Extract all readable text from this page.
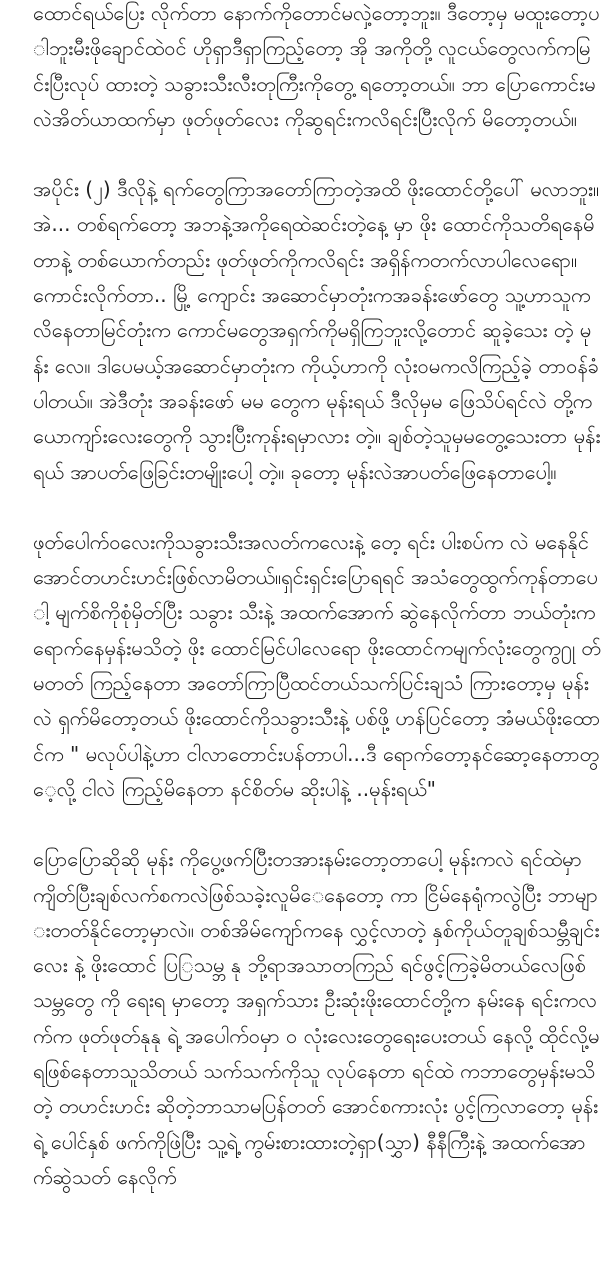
ထောင်ရယ်ပြေး လိုက်တာ နောက်ကိုတောင်မလှဲ့တော့ဘူး။ ဒီတော့မှ မထူးတော့ပါဘူးမီးဖိုချောင်ထဲဝင် ဟိုရှာဒီရှာကြည့်တော့ အို အကိုတို့ လူငယ်တွေလက်ကမြင်းပြီးလုပ် ထားတဲ့ သခွားသီးလီးတုကြီးကိုတွေ့ ရတော့တယ်။ ဘာ ပြောကောင်းမလဲအိတ်ယာထက်မှာ ဖုတ်ဖုတ်လေး ကိုဆွရင်းကလိရင်းပြီးလိုက် မိတော့တယ်။

အပိုင်း (၂) ဒီလိုနဲ့ ရက်တွေကြာအတော်ကြာတဲ့အထိ ဖိုးထောင်တို့ပေါ် မလာဘူး။ အဲ... တစ်ရက်တော့ အဘနဲ့အကိုရေထဲဆင်းတဲ့နေ့ မှာ ဖိုး ထောင်ကိုသတိရနေမိတာနဲ့ တစ်ယောက်တည်း ဖုတ်ဖုတ်ကိုကလိရင်း အရှိန်ကတက်လာပါလေရော။ ကောင်းလိုက်တာ.. မြို့ ကျောင်း အဆောင်မှာတုံးကအခန်းဖော်တွေ သူ့ဟာသူကလိနေတာမြင်တုံးက ကောင်မတွေအရှက်ကိုမရှိကြဘူးလို့တောင် ဆူခဲ့သေး တဲ့ မုန်း လေ။ ဒါပေမယ့်အဆောင်မှာတုံးက ကိုယ့်ဟာကို လုံးဝမကလိကြည့်ခဲ့ တာဝန်ခံပါတယ်။ အဲဒီတုံး အခန်းဖော် မမ တွေက မုန်းရယ် ဒီလိုမှမ ဖြေသိပ်ရင်လဲ တို့ကယောကျာ်းလေးတွေကို သွားပြီးကုန်းရမှာလား တဲ့။ ချစ်တဲ့သူမှမတွေ့သေးတာ မုန်းရယ် အာပတ်ဖြေခြင်းတမျိုးပေါ့ တဲ့။ ခုတော့ မုန်းလဲအာပတ်ဖြေနေတာပေါ့။

ဖုတ်ပေါက်ဝလေးကိုသခွားသီးအလတ်ကလေးနဲ့ တေ့ ရင်း ပါးစပ်က လဲ မနေနိုင်အောင်တဟင်းဟင်းဖြစ်လာမိတယ်။ရှင်းရှင်းပြောရရင် အသံတွေထွက်ကုန်တာပေါ့ မျက်စိကိုစုံမှိတ်ပြီး သခွား သီးနဲ့ အထက်အောက် ဆွဲနေလိုက်တာ ဘယ်တုံးကရောက်နေမှန်းမသိတဲ့ ဖိုး ထောင်မြင်ပါလေရော ဖိုးထောင်ကမျက်လုံးတွေကွ႐ု တ်မတတ် ကြည့်နေတာ အတော်ကြာပြီထင်တယ်သက်ပြင်းချသံ ကြားတော့မှ မုန်းလဲ ရှက်မိတော့တယ် ဖိုးထောင်ကိုသခွားသီးနဲ့ ပစ်ဖို့ ဟန်ပြင်တော့ အံမယ်ဖိုးထောင်က " မလုပ်ပါနဲ့ဟာ ငါလာတောင်းပန်တာပါ...ဒီ ရောက်တော့နင်ဆော့နေတာတွေ့လို့ ငါလဲ ကြည့်မိနေတာ နင်စိတ်မ ဆိုးပါနဲ့ ..မုန်းရယ်"

ပြောပြောဆိုဆို မုန်း ကိုပွေ့ဖက်ပြီးတအားနမ်းတော့တာပေါ့ မုန်းကလဲ ရင်ထဲမှာကျိတ်ပြီးချစ်လက်စကလဲဖြစ်သခဲ့းလူမိေနေတော့ ကာ ငြိမ်နေရုံကလွဲပြီး ဘာများတတ်နိုင်တော့မှာလဲ။ တစ်အိမ်ကျော်ကနေ လွှင့်လာတဲ့ နှစ်ကိုယ်တူချစ်သမ္ဘီချင်းလေး နဲ့ ဖိုးထောင် ပြြသမ္ဘ နု ဘို့ရာအသာတကြည် ရင်ဖွင့်ကြခဲ့မိတယ်လေဖြစ်သမ္ဘတွေ ကို ရေးရ မှာတော့ အရှက်သား ဦးဆုံးဖိုးထောင်တို့က နမ်းနေ ရင်းကလက်က ဖုတ်ဖုတ်နုနု ရဲ့ အပေါက်ဝမှာ ဝ လုံးလေးတွေရေးပေးတယ် နေလို့ ထိုင်လို့မရဖြစ်နေတာသူသိတယ် သက်သက်ကိုသူ လုပ်နေတာ ရင်ထဲ ကဘာတွေမှန်းမသိတဲ့ တဟင်းဟင်း ဆိုတဲ့ဘာသာမပြန်တတ် အောင်စကားလုံး ပွင့်ကြလာတော့ မုန်းရဲ့ ပေါင်နှစ် ဖက်ကိုဖြဲပြီး သူ့ရဲ့ ကွမ်းစားထားတဲ့ရှာ(သွှာ) နီနီကြီးနဲ့ အထက်အောက်ဆွဲသတ် နေလိုက်
